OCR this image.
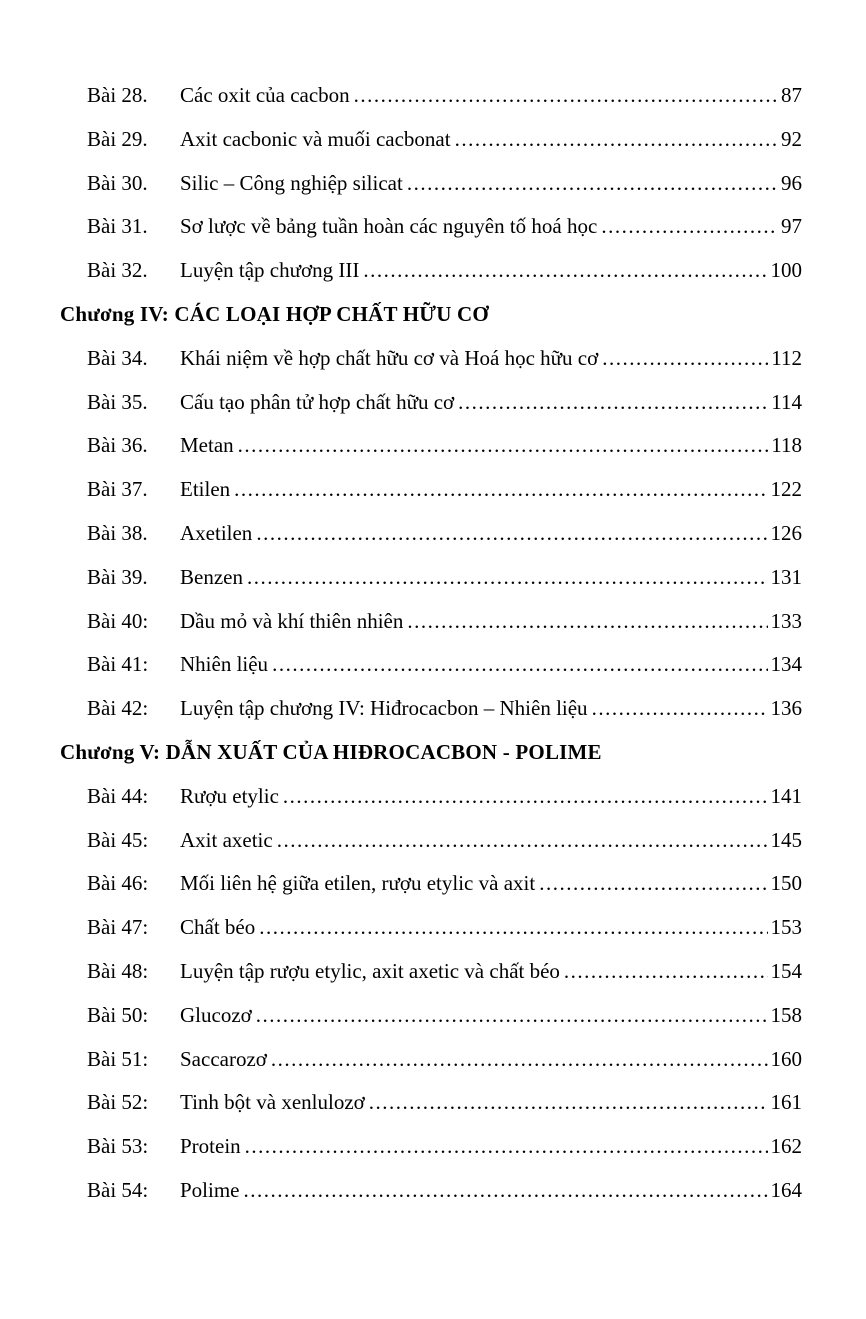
Bài 28.	Các oxit của cacbon .....	87
Bài 29.	Axit cacbonic và muối cacbonat .....	92
Bài 30.	Silic – Công nghiệp silicat .....	96
Bài 31.	Sơ lược về bảng tuần hoàn các nguyên tố hoá học .....	97
Bài 32.	Luyện tập chương III .....	100
Chương IV: CÁC LOẠI HỢP CHẤT HỮU CƠ
Bài 34.	Khái niệm về hợp chất hữu cơ và Hoá học hữu cơ .....	112
Bài 35.	Cấu tạo phân tử hợp chất hữu cơ .....	114
Bài 36.	Metan .....	118
Bài 37.	Etilen .....	122
Bài 38.	Axetilen .....	126
Bài 39.	Benzen .....	131
Bài 40:	Dầu mỏ và khí thiên nhiên .....	133
Bài 41:	Nhiên liệu .....	134
Bài 42:	Luyện tập chương IV: Hiđrocacbon – Nhiên liệu .....	136
Chương V: DẪN XUẤT CỦA HIĐROCACBON - POLIME
Bài 44:	Rượu etylic .....	141
Bài 45:	Axit axetic .....	145
Bài 46:	Mối liên hệ giữa etilen, rượu etylic và axit .....	150
Bài 47:	Chất béo .....	153
Bài 48:	Luyện tập rượu etylic, axit axetic và chất béo .....	154
Bài 50:	Glucozơ .....	158
Bài 51:	Saccarozơ .....	160
Bài 52:	Tinh bột và xenlulozơ .....	161
Bài 53:	Protein .....	162
Bài 54:	Polime .....	164
